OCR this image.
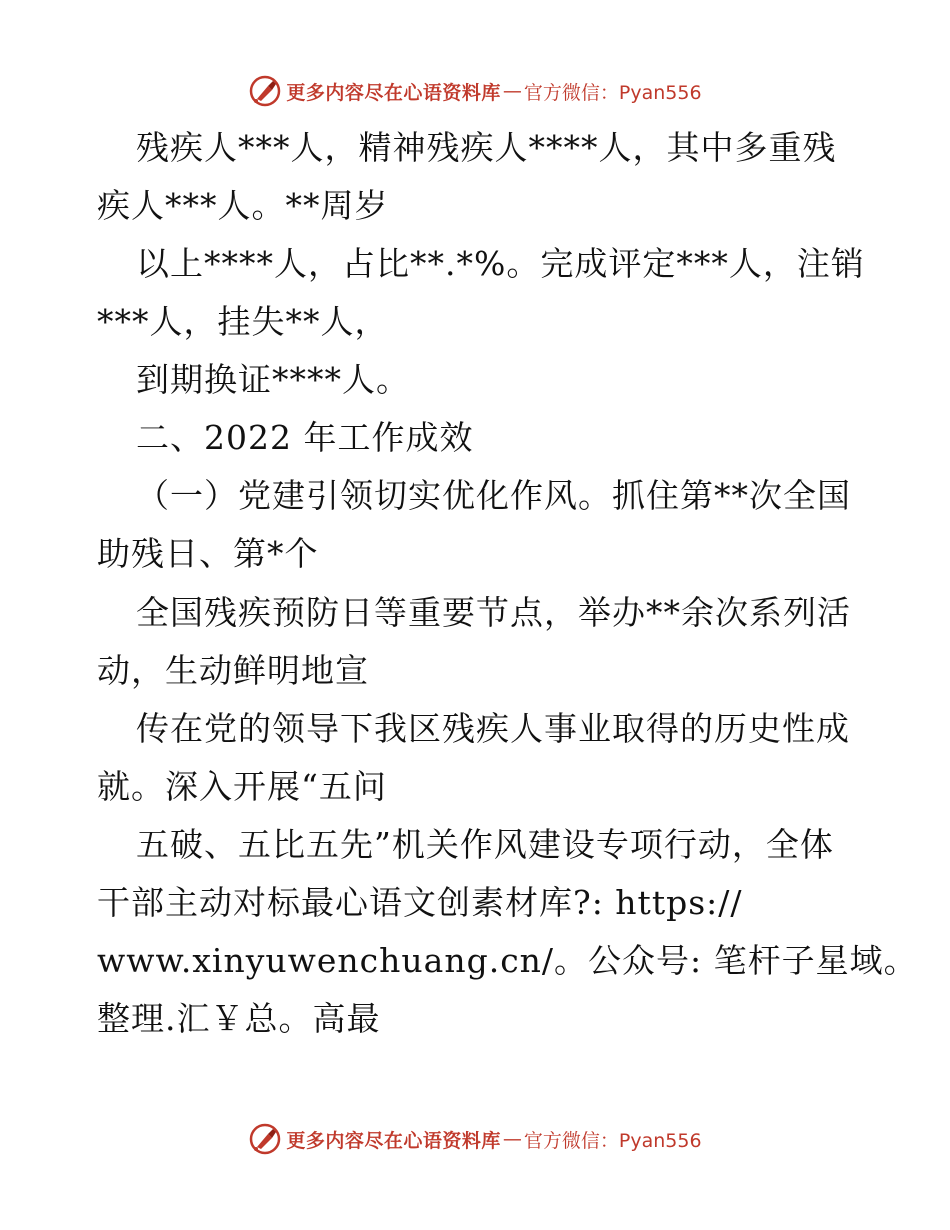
更多内容尽在心语资料库 — 官方微信：Pyan556
残疾人***人，精神残疾人****人，其中多重残
疾人***人。**周岁
以上****人，占比**.*%。完成评定***人，注销
***人，挂失**人，
到期换证****人。
二、2022 年工作成效
（一）党建引领切实优化作风。抓住第**次全国
助残日、第*个
全国残疾预防日等重要节点，举办**余次系列活
动，生动鲜明地宣
传在党的领导下我区残疾人事业取得的历史性成
就。深入开展“五问
五破、五比五先”机关作风建设专项行动，全体
干部主动对标最心语文创素材库?: https://
www.xinyuwenchuang.cn/。公众号: 笔杆子星域。
整理.汇￥总。高最
更多内容尽在心语资料库 — 官方微信：Pyan556
